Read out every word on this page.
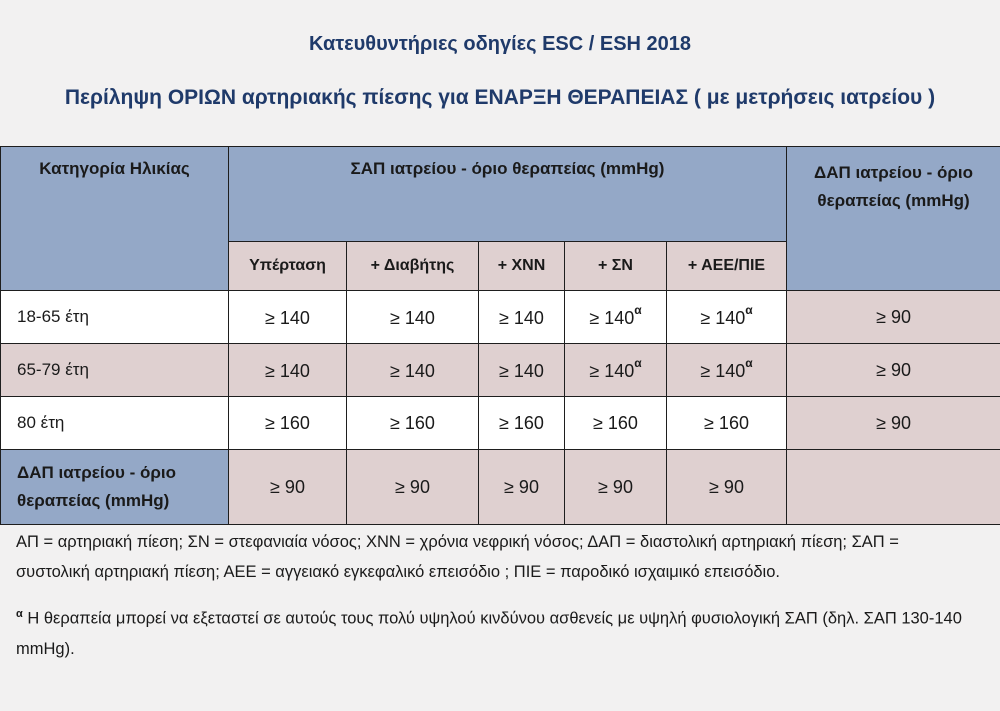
Κατευθυντήριες οδηγίες ESC / ESH 2018
Περίληψη ΟΡΙΩΝ αρτηριακής πίεσης για ΕΝΑΡΞΗ ΘΕΡΑΠΕΙΑΣ ( με μετρήσεις ιατρείου )
Κατηγορία Ηλικίας	ΣΑΠ ιατρείου - όριο θεραπείας (mmHg)					ΔΑΠ ιατρείου - όριο θεραπείας (mmHg)
	Υπέρταση	+ Διαβήτης	+ ΧΝΝ	+ ΣΝ	+ ΑΕΕ/ΠΙΕ	
18-65 έτη	≥ 140	≥ 140	≥ 140	≥ $140^\alpha$	≥ $140^\alpha$	≥ 90
65-79 έτη	≥ 140	≥ 140	≥ 140	≥ $140^\alpha$	≥ $140^\alpha$	≥ 90
80 έτη	≥ 160	≥ 160	≥ 160	≥ 160	≥ 160	≥ 90
ΔΑΠ ιατρείου - όριο θεραπείας (mmHg)	≥ 90	≥ 90	≥ 90	≥ 90	≥ 90	

ΑΠ = αρτηριακή πίεση; ΣΝ = στεφανιαία νόσος; ΧΝΝ = χρόνια νεφρική νόσος; ΔΑΠ = διαστολική αρτηριακή πίεση; ΣΑΠ = συστολική αρτηριακή πίεση; ΑΕΕ = αγγειακό εγκεφαλικό επεισόδιο ; ΠΙΕ = παροδικό ισχαιμικό επεισόδιο.

$^\alpha$ Η θεραπεία μπορεί να εξεταστεί σε αυτούς τους πολύ υψηλού κινδύνου ασθενείς με υψηλή φυσιολογική ΣΑΠ (δηλ. ΣΑΠ 130-140 mmHg).
